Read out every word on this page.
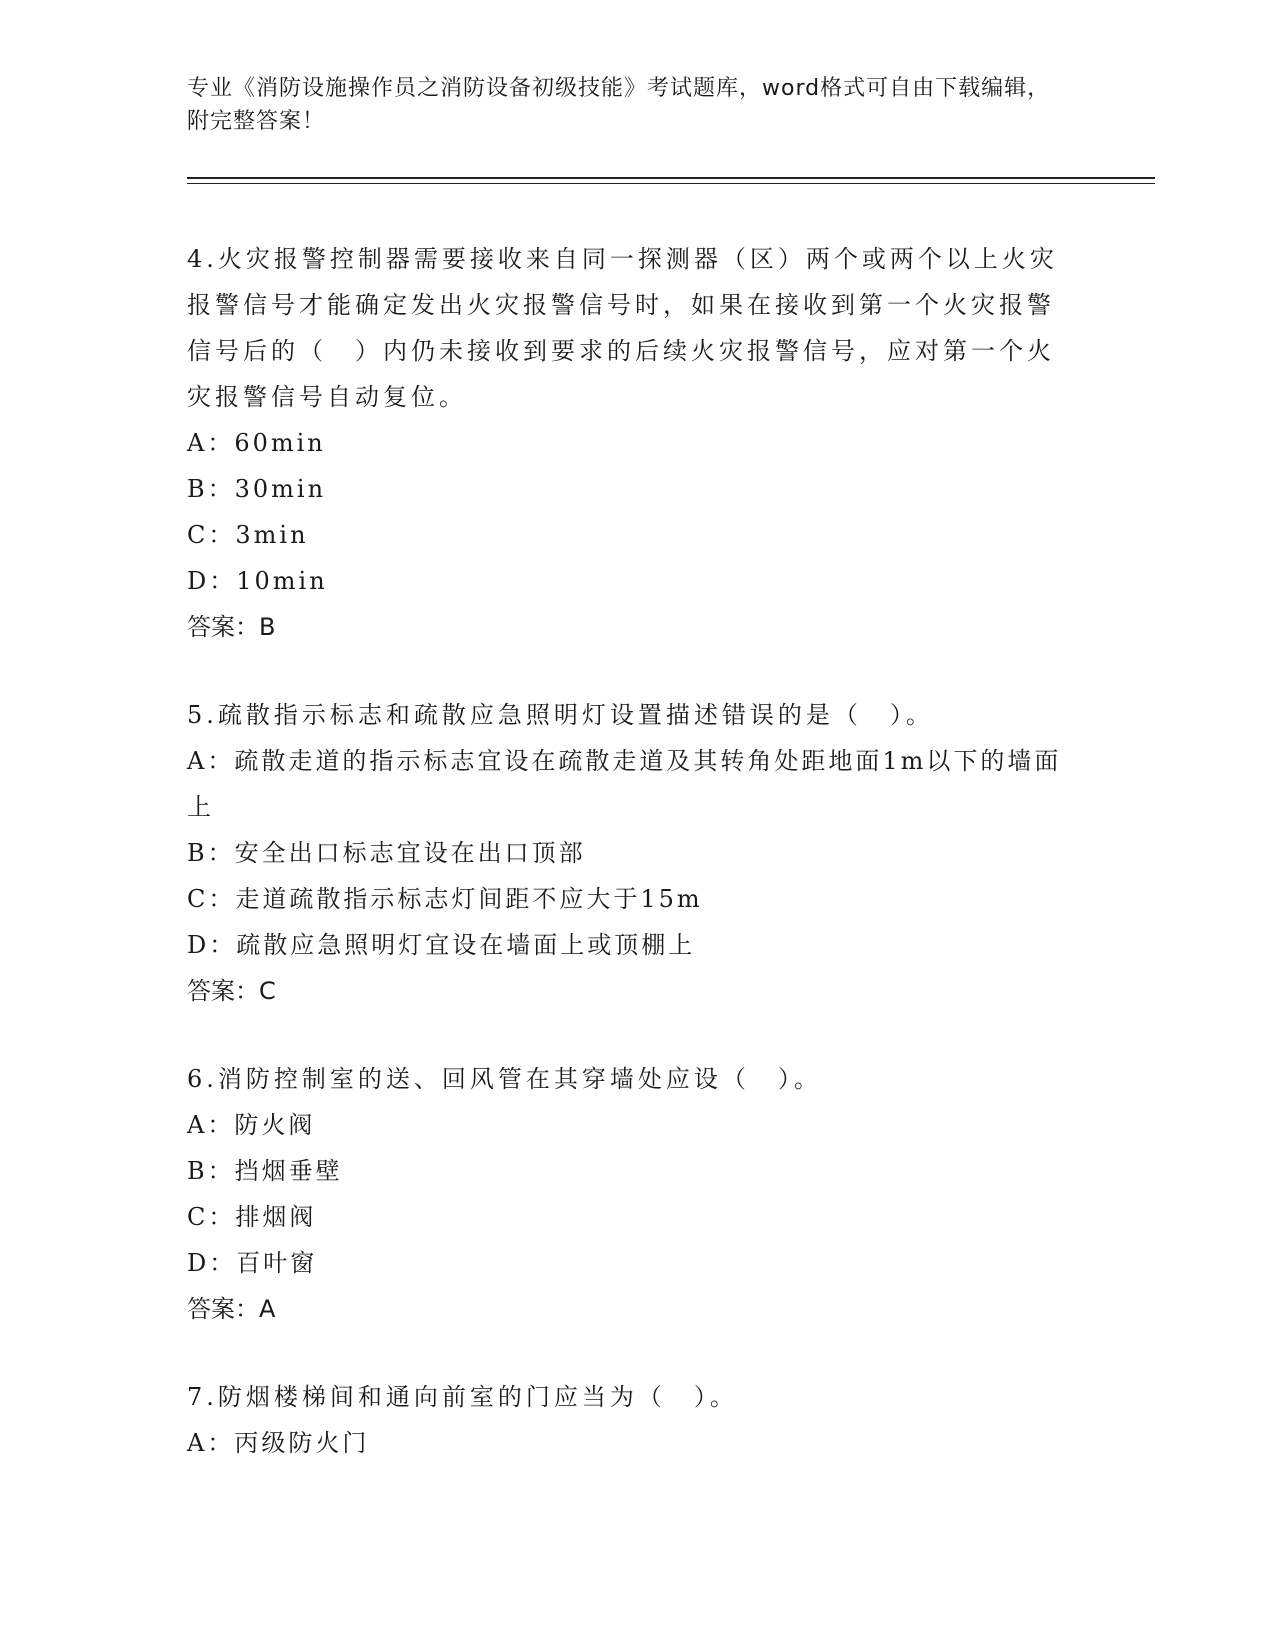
专业《消防设施操作员之消防设备初级技能》考试题库，word格式可自由下载编辑，附完整答案！

4.火灾报警控制器需要接收来自同一探测器（区）两个或两个以上火灾报警信号才能确定发出火灾报警信号时，如果在接收到第一个火灾报警信号后的（　）内仍未接收到要求的后续火灾报警信号，应对第一个火灾报警信号自动复位。

A：60min

B：30min

C：3min

D：10min

答案：B

5.疏散指示标志和疏散应急照明灯设置描述错误的是（　）。

A：疏散走道的指示标志宜设在疏散走道及其转角处距地面1m以下的墙面上

B：安全出口标志宜设在出口顶部

C：走道疏散指示标志灯间距不应大于15m

D：疏散应急照明灯宜设在墙面上或顶棚上

答案：C

6.消防控制室的送、回风管在其穿墙处应设（　）。

A：防火阀

B：挡烟垂壁

C：排烟阀

D：百叶窗

答案：A

7.防烟楼梯间和通向前室的门应当为（　）。

A：丙级防火门
